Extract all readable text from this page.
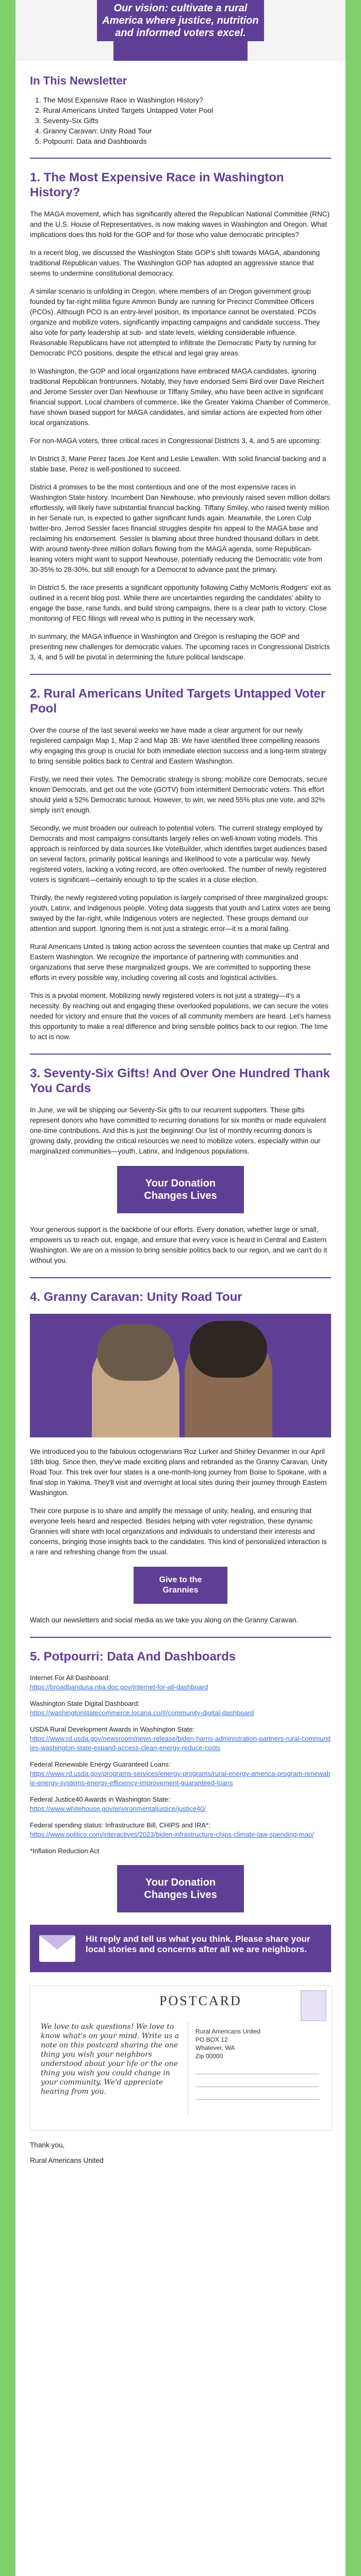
Our vision: cultivate a rural America where justice, nutrition and informed voters excel.
In This Newsletter
1. The Most Expensive Race in Washington History?
2. Rural Americans United Targets Untapped Voter Pool
3. Seventy-Six Gifts
4. Granny Caravan: Unity Road Tour
5. Potpourri: Data and Dashboards
1. The Most Expensive Race in Washington History?

The MAGA movement, which has significantly altered the Republican National Committee (RNC) and the U.S. House of Representatives, is now making waves in Washington and Oregon. What implications does this hold for the GOP and for those who value democratic principles?

In a recent blog, we discussed the Washington State GOP's shift towards MAGA, abandoning traditional Republican values. The Washington GOP has adopted an aggressive stance that seems to undermine constitutional democracy.

A similar scenario is unfolding in Oregon, where members of an Oregon government group founded by far-right militia figure Ammon Bundy are running for Precinct Committee Officers (PCOs). Although PCO is an entry-level position, its importance cannot be overstated. PCOs organize and mobilize voters, significantly impacting campaigns and candidate success. They also vote for party leadership at sub- and state levels, wielding considerable influence. Reasonable Republicans have not attempted to infiltrate the Democratic Party by running for Democratic PCO positions, despite the ethical and legal gray areas.

In Washington, the GOP and local organizations have embraced MAGA candidates, ignoring traditional Republican frontrunners. Notably, they have endorsed Semi Bird over Dave Reichert and Jerome Sessler over Dan Newhouse or Tiffany Smiley, who have been active in significant financial support. Local chambers of commerce, like the Greater Yakima Chamber of Commerce, have shown biased support for MAGA candidates, and similar actions are expected from other local organizations.

For non-MAGA voters, three critical races in Congressional Districts 3, 4, and 5 are upcoming:

In District 3, Marie Perez faces Joe Kent and Leslie Lewallen. With solid financial backing and a stable base, Perez is well-positioned to succeed.

District 4 promises to be the most contentious and one of the most expensive races in Washington State history. Incumbent Dan Newhouse, who previously raised seven million dollars effortlessly, will likely have substantial financial backing. Tiffany Smiley, who raised twenty million in her Senate run, is expected to gather significant funds again. Meanwhile, the Loren Culp twitter-bro, Jerrod Sessler faces financial struggles despite his appeal to the MAGA base and reclaiming his endorsement. Sessler is blaming about three hundred thousand dollars in debt. With around twenty-three million dollars flowing from the MAGA agenda, some Republican-leaning voters might want to support Newhouse, potentially reducing the Democratic vote from 30-35% to 28-30%, but still enough for a Democrat to advance past the primary.

In District 5, the race presents a significant opportunity following Cathy McMorris Rodgers' exit as outlined in a recent blog post. While there are uncertainties regarding the candidates' ability to engage the base, raise funds, and build strong campaigns, there is a clear path to victory. Close monitoring of FEC filings will reveal who is putting in the necessary work.

In summary, the MAGA influence in Washington and Oregon is reshaping the GOP and presenting new challenges for democratic values. The upcoming races in Congressional Districts 3, 4, and 5 will be pivotal in determining the future political landscape.

2. Rural Americans United Targets Untapped Voter Pool

Over the course of the last several weeks we have made a clear argument for our newly registered campaign Map 1, Map 2 and Map 3B. We have identified three compelling reasons why engaging this group is crucial for both immediate election success and a long-term strategy to bring sensible politics back to Central and Eastern Washington.

Firstly, we need their votes. The Democratic strategy is strong: mobilize core Democrats, secure known Democrats, and get out the vote (GOTV) from intermittent Democratic voters. This effort should yield a 52% Democratic turnout. However, to win, we need 55% plus one vote, and 32% simply isn't enough.

Secondly, we must broaden our outreach to potential voters. The current strategy employed by Democrats and most campaigns consultants largely relies on well-known voting models. This approach is reinforced by data sources like VoteBuilder, which identifies target audiences based on several factors, primarily political leanings and likelihood to vote a particular way. Newly registered voters, lacking a voting record, are often overlooked. The number of newly registered voters is significant—certainly enough to tip the scales in a close election.

Thirdly, the newly registered voting population is largely comprised of three marginalized groups: youth, Latinx, and Indigenous people. Voting data suggests that youth and Latinx votes are being swayed by the far-right, while Indigenous voters are neglected. These groups demand our attention and support. Ignoring them is not just a strategic error—it is a moral failing.

Rural Americans United is taking action across the seventeen counties that make up Central and Eastern Washington. We recognize the importance of partnering with communities and organizations that serve these marginalized groups. We are committed to supporting these efforts in every possible way, including covering all costs and logistical activities.

This is a pivotal moment. Mobilizing newly registered voters is not just a strategy—it's a necessity. By reaching out and engaging these overlooked populations, we can secure the votes needed for victory and ensure that the voices of all community members are heard. Let's harness this opportunity to make a real difference and bring sensible politics back to our region. The time to act is now.

3. Seventy-Six Gifts! And Over One Hundred Thank You Cards

In June, we will be shipping our Seventy-Six gifts to our recurrent supporters. These gifts represent donors who have committed to recurring donations for six months or made equivalent one-time contributions. And this is just the beginning! Our list of monthly recurring donors is growing daily, providing the critical resources we need to mobilize voters, especially within our marginalized communities—youth, Latinx, and Indigenous populations.

Your Donation Changes Lives

Your generous support is the backbone of our efforts. Every donation, whether large or small, empowers us to reach out, engage, and ensure that every voice is heard in Central and Eastern Washington. We are on a mission to bring sensible politics back to our region, and we can't do it without you.

4. Granny Caravan: Unity Road Tour

We introduced you to the fabulous octogenarians Roz Lurker and Shirley Devanmer in our April 18th blog. Since then, they've made exciting plans and rebranded as the Granny Caravan, Unity Road Tour. This trek over four states is a one-month-long journey from Boise to Spokane, with a final stop in Yakima. They'll visit and overnight at local sites during their journey through Eastern Washington.

Their core purpose is to share and amplify the message of unity, healing, and ensuring that everyone feels heard and respected. Besides helping with voter registration, these dynamic Grannies will share with local organizations and individuals to understand their interests and concerns, bringing those insights back to the candidates. This kind of personalized interaction is a rare and refreshing change from the usual.

Give to the Grannies

Watch our newsletters and social media as we take you along on the Granny Caravan.

5. Potpourri: Data And Dashboards
Internet For All Dashboard:
https://broadbandusa.ntia.doc.gov/internet-for-all-dashboard
Washington State Digital Dashboard:
https://washingtonstatecommerce.locana.co/#/community-digital-dashboard
USDA Rural Development Awards in Washington State:
https://www.rd.usda.gov/newsroom/news-release/biden-harris-administration-partners-rural-communities-washington-state-expand-access-clean-energy-reduce-costs
Federal Renewable Energy Guaranteed Loans:
https://www.rd.usda.gov/programs-services/energy-programs/rural-energy-america-program-renewable-energy-systems-energy-efficiency-improvement-guaranteed-loans
Federal Justice40 Awards in Washington State:
https://www.whitehouse.gov/environmentaljustice/justice40/
Federal spending status: Infrastructure Bill, CHIPS and IRA*:
https://www.politico.com/interactives/2023/biden-infrastructure-chips-climate-law-spending-map/
*Inflation Reduction Act
Your Donation Changes Lives
Hit reply and tell us what you think. Please share your local stories and concerns after all we are neighbors.
POSTCARD
We love to ask questions! We love to know what's on your mind. Write us a note on this postcard sharing the one thing you wish your neighbors understood about your life or the one thing you wish you could change in your community. We'd appreciate hearing from you.
Rural Americans United
PO BOX 12
Whatever, WA
Zip 00000
Thank you,
Rural Americans United
